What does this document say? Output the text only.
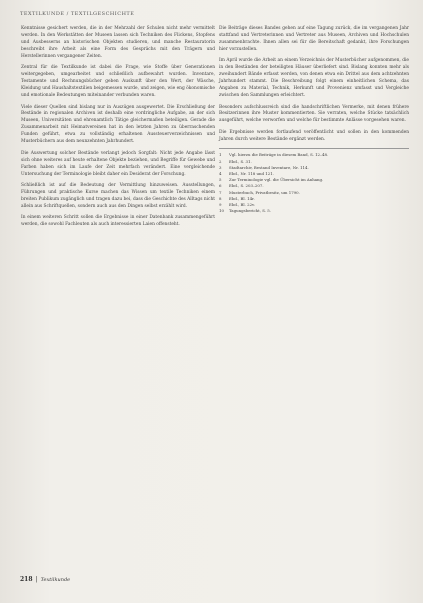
TEXTILKUNDE / TEXTILGESCHICHTE

Kenntnisse gesichert werden, die in der Mehrzahl der Schulen nicht mehr vermittelt werden. In den Werkstätten der Museen lassen sich Techniken des Flickens, Stopfens und Ausbesserns an historischen Objekten studieren, und manche Restauratorin beschreibt ihre Arbeit als eine Form des Gesprächs mit den Trägern und Herstellerinnen vergangener Zeiten.

Zentral für die Textilkunde ist dabei die Frage, wie Stoffe über Generationen weitergegeben, umgearbeitet und schließlich aufbewahrt wurden. Inventare, Testamente und Rechnungsbücher geben Auskunft über den Wert, der Wäsche, Kleidung und Haushaltstextilien beigemessen wurde, und zeigen, wie eng ökonomische und emotionale Bedeutungen miteinander verbunden waren.

Viele dieser Quellen sind bislang nur in Auszügen ausgewertet. Die Erschließung der Bestände in regionalen Archiven ist deshalb eine vordringliche Aufgabe, an der sich Museen, Universitäten und ehrenamtlich Tätige gleichermaßen beteiligen. Gerade die Zusammenarbeit mit Heimatvereinen hat in den letzten Jahren zu überraschenden Funden geführt, etwa zu vollständig erhaltenen Aussteuerverzeichnissen und Musterbüchern aus dem neunzehnten Jahrhundert.

Die Auswertung solcher Bestände verlangt jedoch Sorgfalt: Nicht jede Angabe lässt sich ohne weiteres auf heute erhaltene Objekte beziehen, und Begriffe für Gewebe und Farben haben sich im Laufe der Zeit mehrfach verändert. Eine vergleichende Untersuchung der Terminologie bleibt daher ein Desiderat der Forschung.

Schließlich ist auf die Bedeutung der Vermittlung hinzuweisen. Ausstellungen, Führungen und praktische Kurse machen das Wissen um textile Techniken einem breiten Publikum zugänglich und tragen dazu bei, dass die Geschichte des Alltags nicht allein aus Schriftquellen, sondern auch aus den Dingen selbst erzählt wird.

In einem weiteren Schritt sollen die Ergebnisse in einer Datenbank zusammengeführt werden, die sowohl Fachleuten als auch interessierten Laien offensteht.

Die Beiträge dieses Bandes gehen auf eine Tagung zurück, die im vergangenen Jahr stattfand und Vertreterinnen und Vertreter aus Museen, Archiven und Hochschulen zusammenbrachte. Ihnen allen sei für die Bereitschaft gedankt, ihre Forschungen hier vorzustellen.

Im April wurde die Arbeit an einem Verzeichnis der Musterbücher aufgenommen, die in den Beständen der beteiligten Häuser überliefert sind. Bislang konnten mehr als zweihundert Bände erfasst werden, von denen etwa ein Drittel aus dem achtzehnten Jahrhundert stammt. Die Beschreibung folgt einem einheitlichen Schema, das Angaben zu Material, Technik, Herkunft und Provenienz umfasst und Vergleiche zwischen den Sammlungen erleichtert.

Besonders aufschlussreich sind die handschriftlichen Vermerke, mit denen frühere Besitzerinnen ihre Muster kommentierten. Sie verraten, welche Stücke tatsächlich ausgeführt, welche verworfen und welche für bestimmte Anlässe vorgesehen waren.

Die Ergebnisse werden fortlaufend veröffentlicht und sollen in den kommenden Jahren durch weitere Bestände ergänzt werden.

1	Vgl. hierzu die Beiträge in diesem Band, S. 12–48.
2	Ebd., S. 31.
3	Stadtarchiv, Bestand Inventare, Nr. 114.
4	Ebd., Nr. 118 und 121.
5	Zur Terminologie vgl. die Übersicht im Anhang.
6	Ebd., S. 203–207.
7	Musterbuch, Privatbesitz, um 1790.
8	Ebd., Bl. 14r.
9	Ebd., Bl. 22v.
10	Tagungsbericht, S. 5.
218 | Textilkunde
